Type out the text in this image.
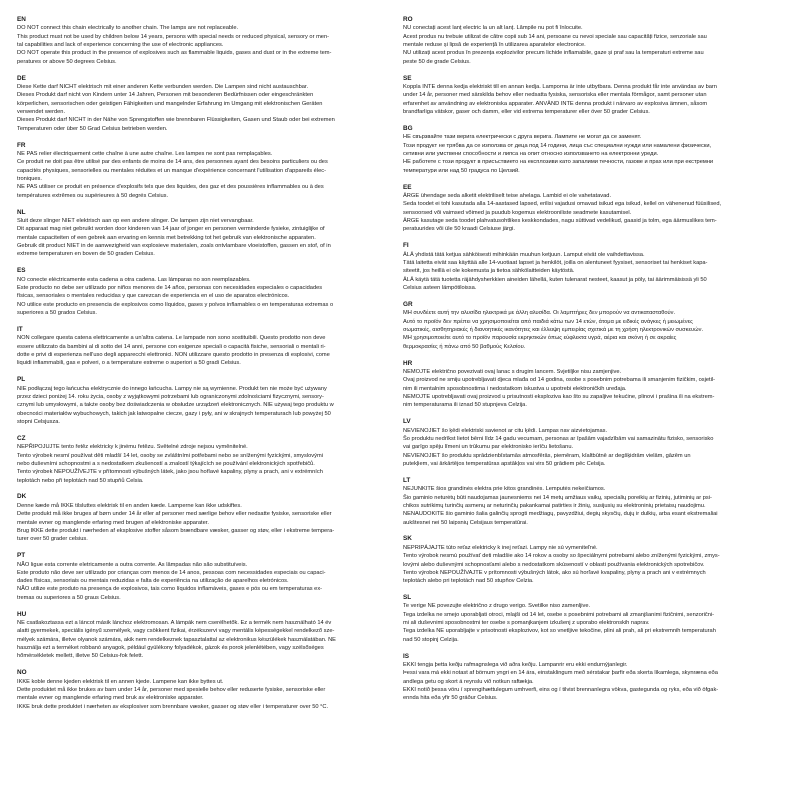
EN
DO NOT connect this chain electrically to another chain. The lamps are not replaceable.
This product must not be used by children below 14 years, persons with special needs or reduced physical, sensory or men-
tal capabilities and lack of experience concerning the use of electronic appliances.
DO NOT operate this product in the presence of explosives such as flammable liquids, gases and dust or in the extreme tem-
peratures or above 50 degrees Celsius.
DE
Diese Kette darf NICHT elektrisch mit einer anderen Kette verbunden werden. Die Lampen sind nicht austauschbar.
Dieses Produkt darf nicht von Kindern unter 14 Jahren, Personen mit besonderen Bedürfnissen oder eingeschränkten
körperlichen, sensorischen oder geistigen Fähigkeiten und mangelnder Erfahrung im Umgang mit elektronischen Geräten
verwendet werden.
Dieses Produkt darf NICHT in der Nähe von Sprengstoffen wie brennbaren Flüssigkeiten, Gasen und Staub oder bei extremen
Temperaturen oder über 50 Grad Celsius betrieben werden.
FR
NE PAS relier électriquement cette chaîne à une autre chaîne. Les lampes ne sont pas remplaçables.
Ce produit ne doit pas être utilisé par des enfants de moins de 14 ans, des personnes ayant des besoins particuliers ou des
capacités physiques, sensorielles ou mentales réduites et un manque d'expérience concernant l'utilisation d'appareils élec-
troniques.
NE PAS utiliser ce produit en présence d'explosifs tels que des liquides, des gaz et des poussières inflammables ou à des
températures extrêmes ou supérieures à 50 degrés Celsius.
NL
Sluit deze slinger NIET elektrisch aan op een andere slinger. De lampen zijn niet vervangbaar.
Dit apparaat mag niet gebruikt worden door kinderen van 14 jaar of jonger en personen verminderde fysieke, zintuiglijke of
mentale capaciteiten of een gebrek aan ervaring en kennis met betrekking tot het gebruik van elektronische apparaten.
Gebruik dit product NIET in de aanwezigheid van explosieve materialen, zoals ontvlambare vloeistoffen, gassen en stof, of in
extreme temperaturen en boven de 50 graden Celsius.
ES
NO conecte eléctricamente esta cadena a otra cadena. Las lámparas no son reemplazables.
Este producto no debe ser utilizado por niños menores de 14 años, personas con necesidades especiales o capacidades
físicas, sensoriales o mentales reducidas y que carezcan de experiencia en el uso de aparatos electrónicos.
NO utilice este producto en presencia de explosivos como líquidos, gases y polvos inflamables o en temperaturas extremas o
superiores a 50 grados Celsius.
IT
NON collegare questa catena elettricamente a un'altra catena. Le lampade non sono sostituibili. Questo prodotto non deve
essere utilizzato da bambini al di sotto dei 14 anni, persone con esigenze speciali o capacità fisiche, sensoriali o mentali ri-
dotte e privi di esperienza nell'uso degli apparecchi elettronici. NON utilizzare questo prodotto in presenza di esplosivi, come
liquidi infiammabili, gas e polveri, o a temperature estreme o superiori a 50 gradi Celsius.
PL
NIE podłączaj tego łańcucha elektrycznie do innego łańcucha. Lampy nie są wymienne. Produkt ten nie może być używany
przez dzieci poniżej 14. roku życia, osoby z wyjątkowymi potrzebami lub ograniczonymi zdolnościami fizycznymi, sensory-
cznymi lub umysłowymi, a także osoby bez doświadczenia w obsłudze urządzeń elektronicznych. NIE używaj tego produktu w
obecności materiałów wybuchowych, takich jak łatwopalne ciecze, gazy i pyły, ani w skrajnych temperaturach lub powyżej 50
stopni Celsjusza.
CZ
NEPŘIPOJUJTE tento řetěz elektricky k jinému řetězu. Světelné zdroje nejsou vyměnitelné.
Tento výrobek nesmí používat děti mladší 14 let, osoby se zvláštními potřebami nebo se sníženými fyzickými, smyslovými
nebo duševními schopnostmi a s nedostatkem zkušeností a znalostí týkajících se používání elektronických spotřebičů.
Tento výrobek NEPOUŽÍVEJTE v přítomnosti výbušných látek, jako jsou hořlavé kapaliny, plyny a prach, ani v extrémních
teplotách nebo při teplotách nad 50 stupňů Celsia.
DK
Denne kæde må IKKE tilsluttes elektrisk til en anden kæde. Lamperne kan ikke udskiftes.
Dette produkt må ikke bruges af børn under 14 år eller af personer med særlige behov eller nedsatte fysiske, sensoriske eller
mentale evner og manglende erfaring med brugen af elektroniske apparater.
Brug IKKE dette produkt i nærheden af eksplosive stoffer såsom brændbare væsker, gasser og støv, eller i ekstreme tempera-
turer over 50 grader celsius.
PT
NÃO ligue esta corrente eletricamente a outra corrente. As lâmpadas não são substituíveis.
Este produto não deve ser utilizado por crianças com menos de 14 anos, pessoas com necessidades especiais ou capaci-
dades físicas, sensoriais ou mentais reduzidas e falta de experiência na utilização de aparelhos eletrónicos.
NÃO utilize este produto na presença de explosivos, tais como líquidos inflamáveis, gases e pós ou em temperaturas ex-
tremas ou superiores a 50 graus Celsius.
HU
NE csatlakoztassa ezt a láncot másik lánchoz elektromosan. A lámpák nem cserélhetők. Ez a termék nem használható 14 év
alatti gyermekek, speciális igényű személyek, vagy csökkent fizikai, érzékszervi vagy mentális képességekkel rendelkező sze-
mélyek számára, illetve olyanok számára, akik nem rendelkeznek tapasztalattal az elektronikus készülékek használatában. NE
használja ezt a terméket robbanó anyagok, például gyúlékony folyadékok, gázok és porok jelenlétében, vagy szélsőséges
hőmérsékletek mellett, illetve 50 Celsius-fok felett.
NO
IKKE koble denne kjeden elektrisk til en annen kjede. Lampene kan ikke byttes ut.
Dette produktet må ikke brukes av barn under 14 år, personer med spesielle behov eller reduserte fysiske, sensoriske eller
mentale evner og manglende erfaring med bruk av elektroniske apparater.
IKKE bruk dette produktet i nærheten av eksplosiver som brennbare væsker, gasser og støv eller i temperaturer over 50 °C.
RO
NU conectați acest lanț electric la un alt lanț. Lămpile nu pot fi înlocuite.
Acest produs nu trebuie utilizat de către copii sub 14 ani, persoane cu nevoi speciale sau capacități fizice, senzoriale sau
mentale reduse și lipsă de experiență în utilizarea aparatelor electronice.
NU utilizați acest produs în prezența explozivilor precum lichide inflamabile, gaze și praf sau la temperaturi extreme sau
peste 50 de grade Celsius.
SE
Koppla INTE denna kedja elektriskt till en annan kedja. Lamporna är inte utbytbara. Denna produkt får inte användas av barn
under 14 år, personer med särskilda behov eller nedsatta fysiska, sensoriska eller mentala förmågor, samt personer utan
erfarenhet av användning av elektroniska apparater. ANVÄND INTE denna produkt i närvaro av explosiva ämnen, såsom
brandfarliga vätskor, gaser och damm, eller vid extrema temperaturer eller över 50 grader Celsius.
BG
НЕ свързвайте тази верига електрически с друга верига. Лампите не могат да се заменят.
Този продукт не трябва да се използва от деца под 14 години, лица със специални нужди или намалени физически,
сетивни или умствени способности и липса на опит относно използването на електронни уреди.
НЕ работете с този продукт в присъствието на експлозиви като запалими течности, газове и прах или при екстремни
температури или над 50 градуса по Целзий.
EE
ÄRGE ühendage seda alketit elektriliselt teise ahelaga. Lambid ei ole vahetatavad.
Seda toodet ei tohi kasutada alla 14-aastased lapsed, erilisi vajadusi omavad isikud ega isikud, kellel on vähenenud füüsilised,
sensoorsed või vaimsed võimed ja puudub kogemus elektrooniliste seadmete kasutamisel.
ÄRGE kasutage seda toodet plahvatusohtlikes keskkondades, nagu süttivad vedelikud, gaasid ja tolm, ega äärmuslikes tem-
peratuurides või üle 50 kraadi Celsiuse järgi.
FI
ÄLÄ yhdistä tätä ketjua sähköisesti mihinkään muuhun ketjuun. Lamput eivät ole vaihdettavissa.
Tätä laitetta eivät saa käyttää alle 14-vuotiaat lapset ja henkilöt, joilla on alentuneet fyysiset, sensoriset tai henkiset kapa-
siteetit, jos heillä ei ole kokemusta ja tietoa sähkölaitteiden käytöstä.
ÄLÄ käytä tätä tuotetta räjähdysherkkien aineiden lähellä, kuten tulenarat nesteet, kaasut ja pöly, tai äärimmäisissä yli 50
Celsius asteen lämpötiloissa.
GR
ΜΗ συνδέετε αυτή την αλυσίδα ηλεκτρικά με άλλη αλυσίδα. Οι λαμπτήρες δεν μπορούν να αντικατασταθούν.
Αυτό το προϊόν δεν πρέπει να χρησιμοποιείται από παιδιά κάτω των 14 ετών, άτομα με ειδικές ανάγκες ή μειωμένες
σωματικές, αισθητηριακές ή διανοητικές ικανότητες και έλλειψη εμπειρίας σχετικά με τη χρήση ηλεκτρονικών συσκευών.
ΜΗ χρησιμοποιείτε αυτό το προϊόν παρουσία εκρηκτικών όπως εύφλεκτα υγρά, αέρια και σκόνη ή σε ακραίες
θερμοκρασίες ή πάνω από 50 βαθμούς Κελσίου.
HR
NEMOJTE električno povezivati ovaj lanac s drugim lancem. Svjetiljke nisu zamjenjive.
Ovaj proizvod ne smiju upotrebljavati djeca mlađa od 14 godina, osobe s posebnim potrebama ili smanjenim fizičkim, osjetil-
nim ili mentalnim sposobnostima i nedostatkom iskustva u upotrebi elektroničkih uređaja.
NEMOJTE upotrebljavati ovaj proizvod u prisutnosti eksploziva kao što su zapaljive tekućine, plinovi i prašina ili na ekstrem-
nim temperaturama ili iznad 50 stupnjeva Celzija.
LV
NEVIENOJIET šo ķēdi elektriski savienot ar citu ķēdi. Lampas nav aizvietojamas.
Šo produktu nedrīkst lietot bērni līdz 14 gadu vecumam, personas ar īpašām vajadzībām vai samazinātu fizisko, sensorisko
vai garīgo spēju līmeni un trūkumu par elektronisko ierīču lietošanu.
NEVIENOJIET šo produktu sprādzienbīstamās atmosfērās, piemēram, kīaltbūtnē ar degšķidrām vielām, gāzēm un
putekļiem, vai ārkārtējos temperatūras apstākļos vai virs 50 grādiem pēc Celsija.
LT
NEJUNKITE šios grandinės elektra prie kitos grandinės. Lemputės nekeičiamos.
Šio gaminio neturėtų būti naudojamas jaunesniems nei 14 metų amžiaus vaikų, specialių poreikių ar fizinių, jutiminių ar psi-
chikos sutrikimų turinčių asmenų ar neturinčių pakankamai patirties ir žinių, susijusių su elektroninių prietaisų naudojimu.
NENAUDOKITE šio gaminio šalia galinčių sprogti medžiagų, pavyzdžiui, degių skysčių, dujų ir dulkių, arba esant ekstremaliai
aukštesnei nei 50 laipsnių Celsijaus temperatūrai.
SK
NEPRIPÁJAJTE túto reťaz elektricky k inej reťazi. Lampy nie sú vymeniteľné.
Tento výrobok nesmú používať deti mladšie ako 14 rokov a osoby so špeciálnymi potrebami alebo zníženými fyzickými, zmys-
lovými alebo duševnými schopnosťami alebo s nedostatkom skúseností v oblasti používania elektronických spotrebičov.
Tento výrobok NEPOUŽÍVAJTE v prítomnosti výbušných látok, ako sú horľavé kvapaliny, plyny a prach ani v extrémnych
teplotách alebo pri teplotách nad 50 stupňov Celzia.
SL
Te verige NE povezujte električno z drugo verigo. Svetilke niso zamenljive.
Tega izdelka ne smejo uporabljati otroci, mlajši od 14 let, osebe s posebnimi potrebami ali zmanjšanimi fizičnimi, senzorični-
mi ali duševnimi sposobnostmi ter osebe s pomanjkanjem izkušenj z uporabo elektronskih naprav.
Tega izdelka NE uporabljajte v prisotnosti eksplozivov, kot so vnetljive tekočine, plini ali prah, ali pri ekstremnih temperaturah
nad 50 stopinj Celzija.
IS
EKKI tengja þetta keðju rafmagnslega við aðra keðju. Lampanrir eru ekki endurnýjanlegir.
Þessi vara má ekki notast af börnum yngri en 14 ára, einstaklingum með sérstakar þarfir eða skerta líkamlega, skynræna eða
andlega getu og skort á reynslu við notkun raftækja.
EKKI notið þessa vöru í sprengihættulegum umhverfi, eins og í tilvist brennanlegra vökva, gastegunda og ryks, eða við öfgak-
ennda hita eða yfir 50 gráður Celsius.
